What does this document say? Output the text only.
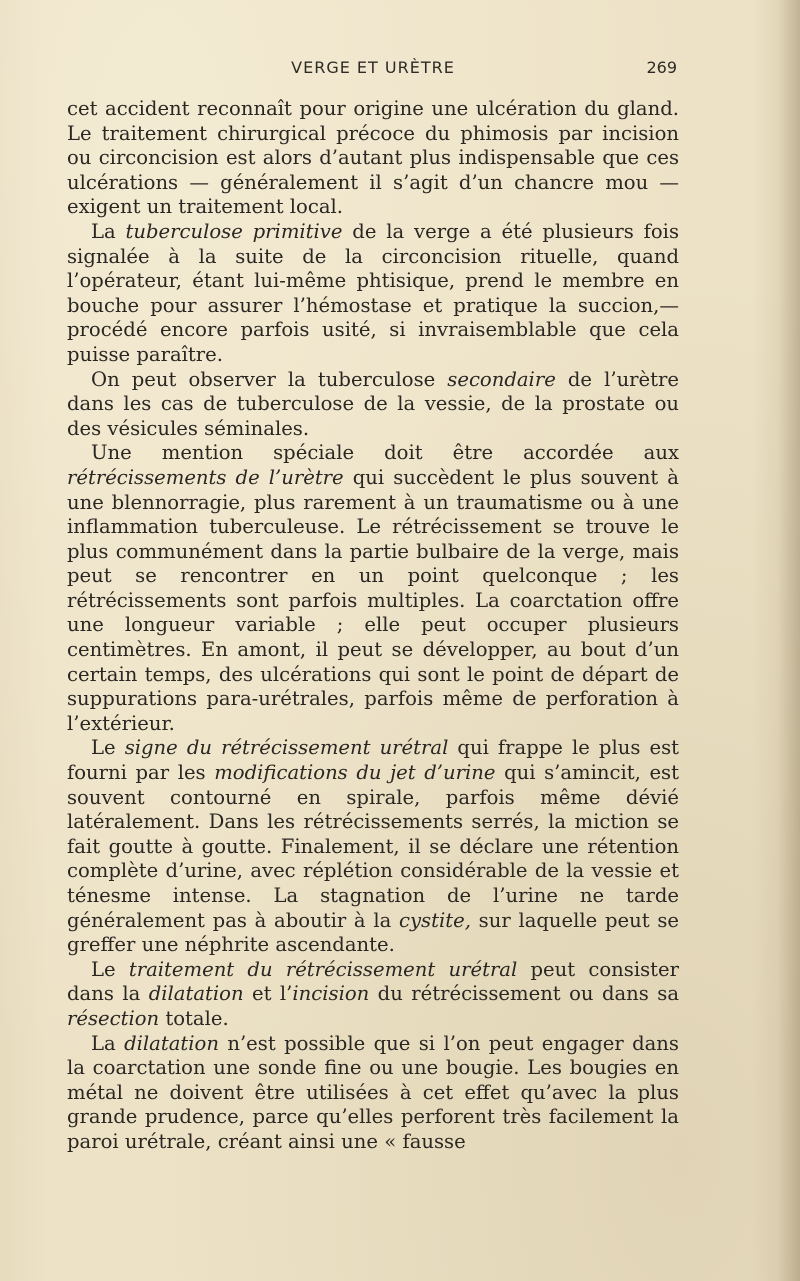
VERGE ET URÈTRE	269

cet accident reconnaît pour origine une ulcération du gland. Le traitement chirurgical précoce du phimosis par incision ou circoncision est alors d’autant plus indispensable que ces ulcérations — généralement il s’agit d’un chancre mou — exigent un traitement local.

La tuberculose primitive de la verge a été plusieurs fois signalée à la suite de la circoncision rituelle, quand l’opérateur, étant lui-même phtisique, prend le membre en bouche pour assurer l’hémostase et pratique la succion,— procédé encore parfois usité, si invraisemblable que cela puisse paraître.

On peut observer la tuberculose secondaire de l’urètre dans les cas de tuberculose de la vessie, de la prostate ou des vésicules séminales.

Une mention spéciale doit être accordée aux rétrécissements de l’urètre qui succèdent le plus souvent à une blennorragie, plus rarement à un traumatisme ou à une inflammation tuberculeuse. Le rétrécissement se trouve le plus communément dans la partie bulbaire de la verge, mais peut se rencontrer en un point quelconque ; les rétrécissements sont parfois multiples. La coarctation offre une longueur variable ; elle peut occuper plusieurs centimètres. En amont, il peut se développer, au bout d’un certain temps, des ulcérations qui sont le point de départ de suppurations para-urétrales, parfois même de perforation à l’extérieur.

Le signe du rétrécissement urétral qui frappe le plus est fourni par les modifications du jet d’urine qui s’amincit, est souvent contourné en spirale, parfois même dévié latéralement. Dans les rétrécissements serrés, la miction se fait goutte à goutte. Finalement, il se déclare une rétention complète d’urine, avec réplétion considérable de la vessie et ténesme intense. La stagnation de l’urine ne tarde généralement pas à aboutir à la cystite, sur laquelle peut se greffer une néphrite ascendante.

Le traitement du rétrécissement urétral peut consister dans la dilatation et l’incision du rétrécissement ou dans sa résection totale.

La dilatation n’est possible que si l’on peut engager dans la coarctation une sonde fine ou une bougie. Les bougies en métal ne doivent être utilisées à cet effet qu’avec la plus grande prudence, parce qu’elles perforent très facilement la paroi urétrale, créant ainsi une « fausse
